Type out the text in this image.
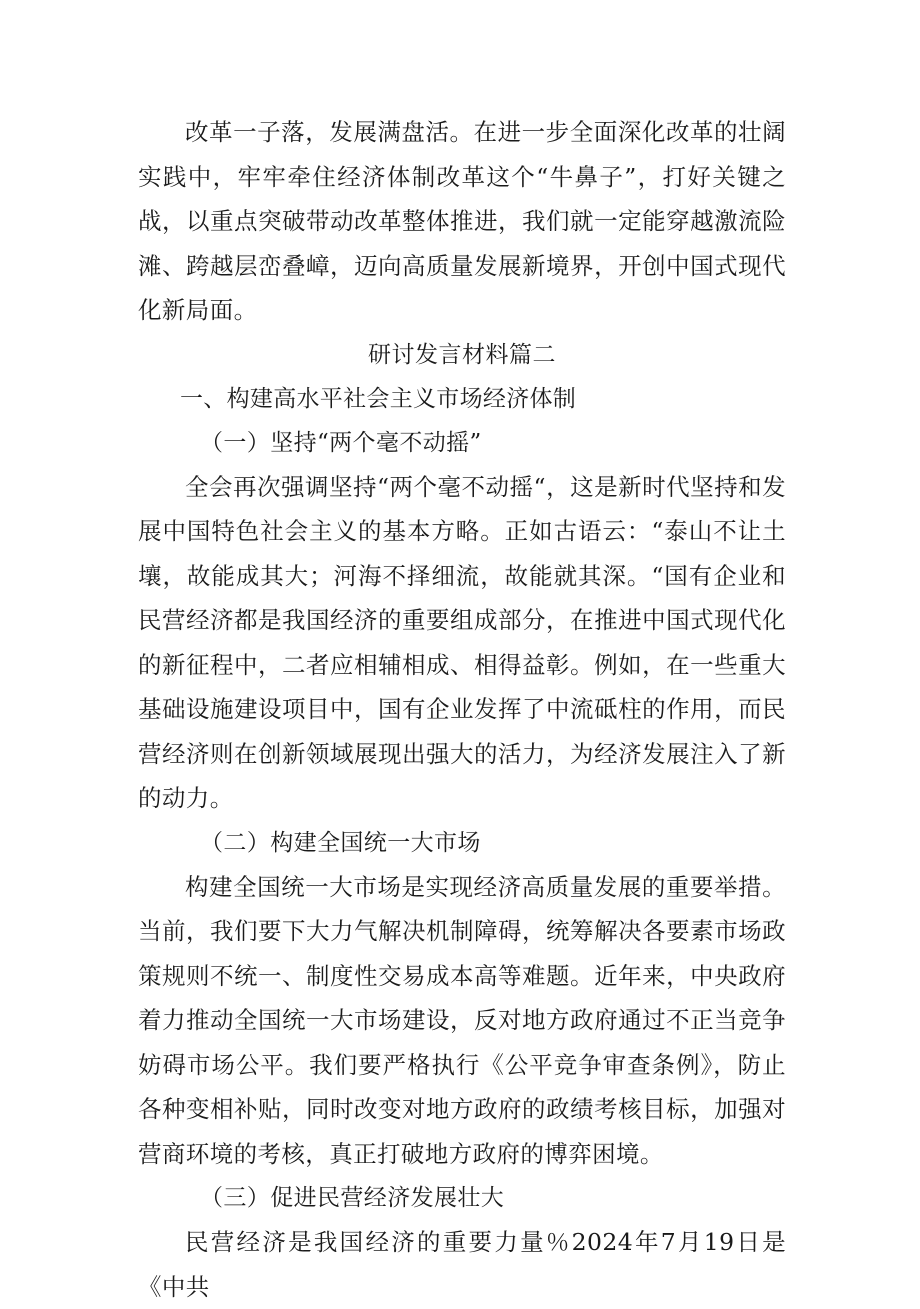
改革一子落，发展满盘活。在进一步全面深化改革的壮阔实践中，牢牢牵住经济体制改革这个“牛鼻子”，打好关键之战，以重点突破带动改革整体推进，我们就一定能穿越激流险滩、跨越层峦叠嶂，迈向高质量发展新境界，开创中国式现代化新局面。

研讨发言材料篇二
一、构建高水平社会主义市场经济体制
（一）坚持“两个毫不动摇”

全会再次强调坚持“两个毫不动摇“，这是新时代坚持和发展中国特色社会主义的基本方略。正如古语云：“泰山不让土壤，故能成其大；河海不择细流，故能就其深。“国有企业和民营经济都是我国经济的重要组成部分，在推进中国式现代化的新征程中，二者应相辅相成、相得益彰。例如，在一些重大基础设施建设项目中，国有企业发挥了中流砥柱的作用，而民营经济则在创新领域展现出强大的活力，为经济发展注入了新的动力。

（二）构建全国统一大市场

构建全国统一大市场是实现经济高质量发展的重要举措。当前，我们要下大力气解决机制障碍，统筹解决各要素市场政策规则不统一、制度性交易成本高等难题。近年来，中央政府着力推动全国统一大市场建设，反对地方政府通过不正当竞争妨碍市场公平。我们要严格执行《公平竞争审查条例》，防止各种变相补贴，同时改变对地方政府的政绩考核目标，加强对营商环境的考核，真正打破地方政府的博弈困境。

（三）促进民营经济发展壮大

民营经济是我国经济的重要力量％2024年7月19日是《中共
